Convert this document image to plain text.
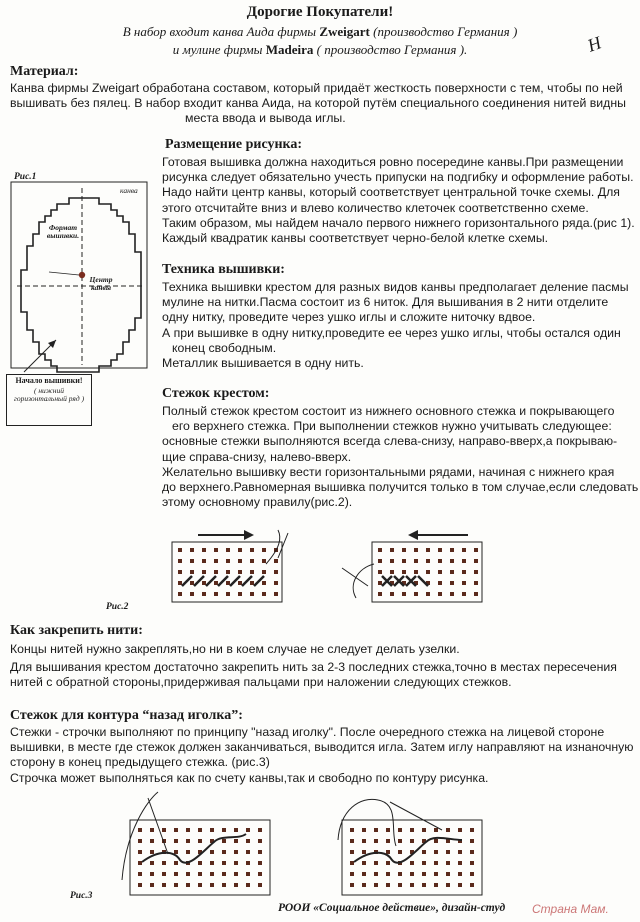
Дорогие Покупатели!
В набор входит канва Аида фирмы Zweigart (производство Германия )
и мулине фирмы Madeira ( производство Германия ).	Н
Материал:
Канва фирмы Zweigart обработана составом, который придаёт жесткость поверхности с тем, чтобы по ней
вышивать без пялец. В набор входит канва Аида, на которой путём специального соединения нитей видны
места ввода и вывода иглы.
Рис.1
канва
Формат вышивки.
Центр канвы
Начало вышивки!
( нижний горизонтальный ряд )
Размещение рисунка:
Готовая вышивка должна находиться ровно посередине канвы.При размещении
рисунка следует обязательно учесть припуски на подгибку и оформление работы.
Надо найти центр канвы, который соответствует центральной точке схемы. Для
этого отсчитайте вниз и влево количество клеточек соответственно схеме.
Таким образом, мы найдем начало первого нижнего горизонтального ряда.(рис 1).
Каждый квадратик канвы соответствует черно-белой клетке схемы.
Техника вышивки:
Техника вышивки крестом для разных видов канвы предполагает деление пасмы
мулине на нитки.Пасма состоит из 6 ниток. Для вышивания в 2 нити отделите
одну нитку, проведите через ушко иглы и сложите ниточку вдвое.
А при вышивке в одну нитку,проведите ее через ушко иглы, чтобы остался один
конец свободным.
Металлик вышивается в одну нить.
Стежок крестом:
Полный стежок крестом состоит из нижнего основного стежка и покрывающего
его верхнего стежка. При выполнении стежков нужно учитывать следующее:
основные стежки выполняются всегда слева-снизу, направо-вверх,а покрываю-
щие справа-снизу, налево-вверх.
Желательно вышивку вести горизонтальными рядами, начиная с нижнего края
до верхнего.Равномерная вышивка получится только в том случае,если следовать
этому основному правилу(рис.2).
Рис.2
Как закрепить нити:
Концы нитей нужно закреплять,но ни в коем случае не следует делать узелки.
Для вышивания крестом достаточно закрепить нить за 2-3 последних стежка,точно в местах пересечения
нитей с обратной стороны,придерживая пальцами при наложении следующих стежков.
Стежок для контура “назад иголка”:
Стежки - строчки выполняют по принципу "назад иголку". После очередного стежка на лицевой стороне
вышивки, в месте где стежок должен заканчиваться, выводится игла. Затем иглу направляют на изнаночную
сторону в конец предыдущего стежка. (рис.3)
Строчка может выполняться как по счету канвы,так и свободно по контуру рисунка.
Рис.3
РООИ «Социальное действие», дизайн-студ Страна Мам.
